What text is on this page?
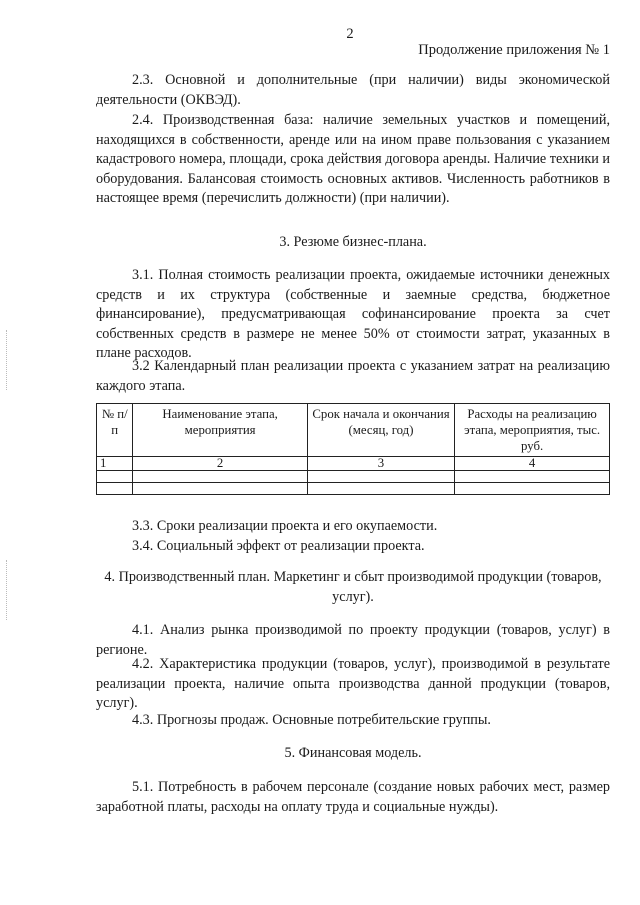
2
Продолжение приложения № 1
2.3. Основной и дополнительные (при наличии) виды экономической деятельности (ОКВЭД).
2.4. Производственная база: наличие земельных участков и помещений, находящихся в собственности, аренде или на ином праве пользования с указанием кадастрового номера, площади, срока действия договора аренды. Наличие техники и оборудования. Балансовая стоимость основных активов. Численность работников в настоящее время (перечислить должности) (при наличии).
3. Резюме бизнес-плана.
3.1. Полная стоимость реализации проекта, ожидаемые источники денежных средств и их структура (собственные и заемные средства, бюджетное финансирование), предусматривающая софинансирование проекта за счет собственных средств в размере не менее 50% от стоимости затрат, указанных в плане расходов.
3.2 Календарный план реализации проекта с указанием затрат на реализацию каждого этапа.
№ п/п	Наименование этапа, мероприятия	Срок начала и окончания (месяц, год)	Расходы на реализацию этапа, мероприятия, тыс. руб.
1	2	3	4

3.3. Сроки реализации проекта и его окупаемости.
3.4. Социальный эффект от реализации проекта.
4. Производственный план. Маркетинг и сбыт производимой продукции (товаров, услуг).
4.1. Анализ рынка производимой по проекту продукции (товаров, услуг) в регионе.
4.2. Характеристика продукции (товаров, услуг), производимой в результате реализации проекта, наличие опыта производства данной продукции (товаров, услуг).
4.3. Прогнозы продаж. Основные потребительские группы.
5. Финансовая модель.
5.1. Потребность в рабочем персонале (создание новых рабочих мест, размер заработной платы, расходы на оплату труда и социальные нужды).
